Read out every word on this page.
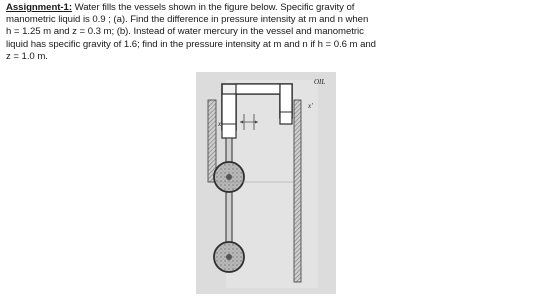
Assignment-1: Water fills the vessels shown in the figure below. Specific gravity of
manometric liquid is 0.9 ; (a). Find the difference in pressure intensity at m and n when
h = 1.25 m and z = 0.3 m; (b). Instead of water mercury in the vessel and manometric
liquid has specific gravity of 1.6; find in the pressure intensity at m and n if h = 0.6 m and
z = 1.0 m.
OIL
x
x'
